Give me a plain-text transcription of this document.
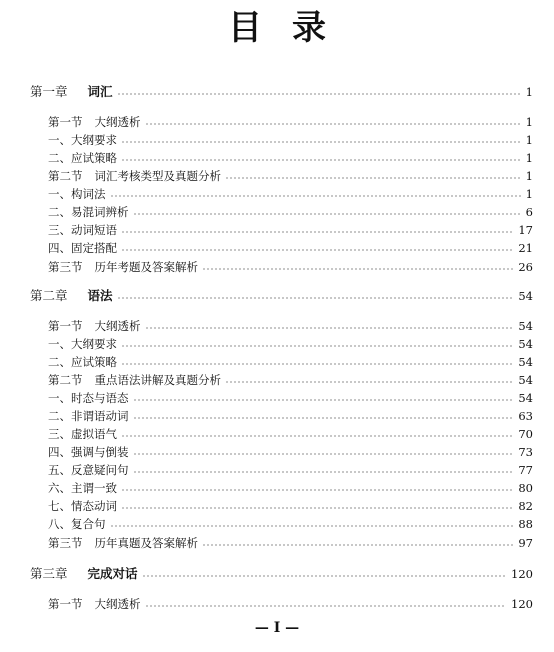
目录
第一章 词汇	1
第一节 大纲透析	1
一、大纲要求	1
二、应试策略	1
第二节 词汇考核类型及真题分析	1
一、构词法	1
二、易混词辨析	6
三、动词短语	17
四、固定搭配	21
第三节 历年考题及答案解析	26
第二章 语法	54
第一节 大纲透析	54
一、大纲要求	54
二、应试策略	54
第二节 重点语法讲解及真题分析	54
一、时态与语态	54
二、非谓语动词	63
三、虚拟语气	70
四、强调与倒装	73
五、反意疑问句	77
六、主谓一致	80
七、情态动词	82
八、复合句	88
第三节 历年真题及答案解析	97
第三章 完成对话	120
第一节 大纲透析	120
— I —
